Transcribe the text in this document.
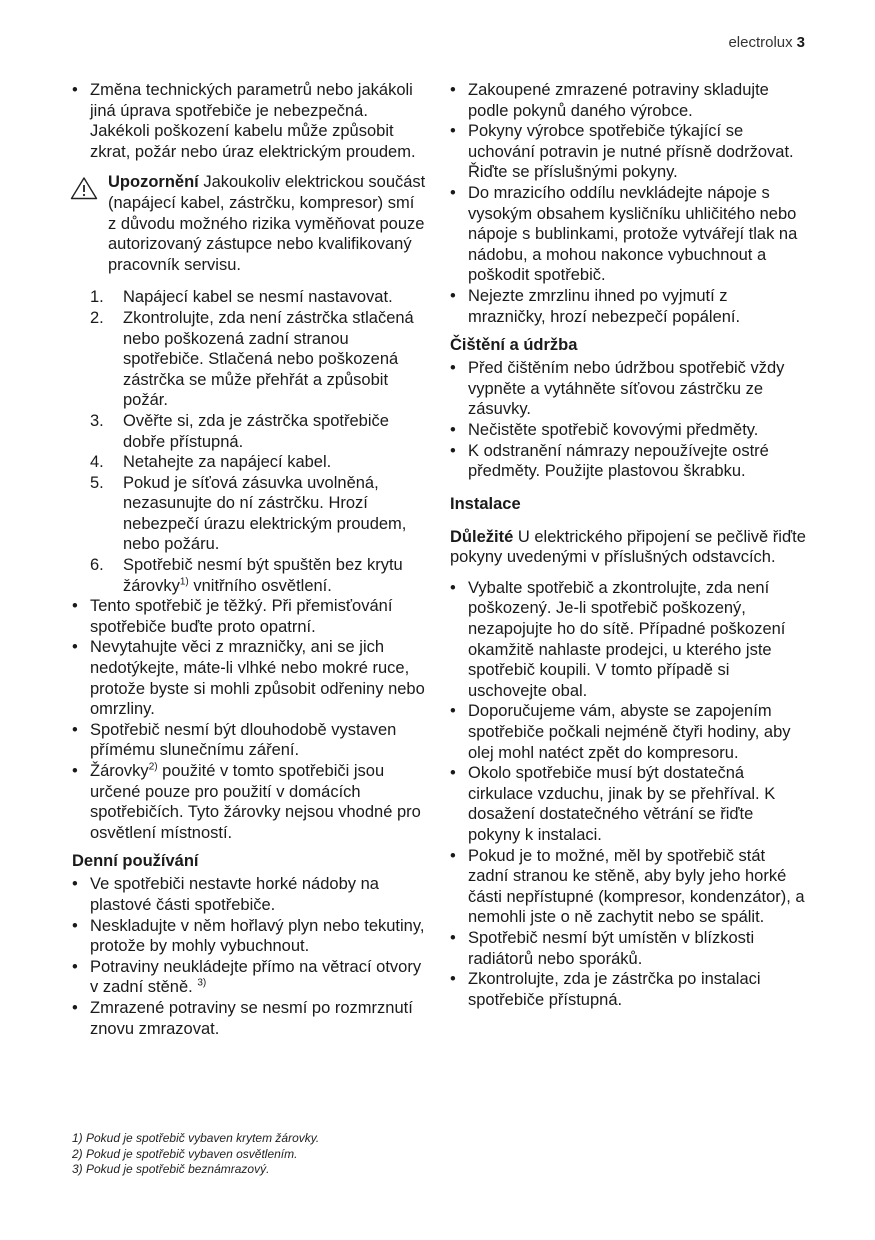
electrolux 3
• Změna technických parametrů nebo jakákoli jiná úprava spotřebiče je nebezpečná. Jakékoli poškození kabelu může způsobit zkrat, požár nebo úraz elektrickým proudem.
Upozornění Jakoukoliv elektrickou součást (napájecí kabel, zástrčku, kompresor) smí z důvodu možného rizika vyměňovat pouze autorizovaný zástupce nebo kvalifikovaný pracovník servisu.
1.	Napájecí kabel se nesmí nastavovat.
2.	Zkontrolujte, zda není zástrčka stlačená nebo poškozená zadní stranou spotřebiče. Stlačená nebo poškozená zástrčka se může přehřát a způsobit požár.
3.	Ověřte si, zda je zástrčka spotřebiče dobře přístupná.
4.	Netahejte za napájecí kabel.
5.	Pokud je síťová zásuvka uvolněná, nezasunujte do ní zástrčku. Hrozí nebezpečí úrazu elektrickým proudem, nebo požáru.
6.	Spotřebič nesmí být spuštěn bez krytu žárovky$^{1)}$ vnitřního osvětlení.
• Tento spotřebič je těžký. Při přemisťování spotřebiče buďte proto opatrní.
• Nevytahujte věci z mrazničky, ani se jich nedotýkejte, máte-li vlhké nebo mokré ruce, protože byste si mohli způsobit odřeniny nebo omrzliny.
• Spotřebič nesmí být dlouhodobě vystaven přímému slunečnímu záření.
• Žárovky$^{2)}$ použité v tomto spotřebiči jsou určené pouze pro použití v domácích spotřebičích. Tyto žárovky nejsou vhodné pro osvětlení místností.
Denní používání
• Ve spotřebiči nestavte horké nádoby na plastové části spotřebiče.
• Neskladujte v něm hořlavý plyn nebo tekutiny, protože by mohly vybuchnout.
• Potraviny neukládejte přímo na větrací otvory v zadní stěně. $^{3)}$
• Zmrazené potraviny se nesmí po rozmrznutí znovu zmrazovat.
• Zakoupené zmrazené potraviny skladujte podle pokynů daného výrobce.
• Pokyny výrobce spotřebiče týkající se uchování potravin je nutné přísně dodržovat. Řiďte se příslušnými pokyny.
• Do mrazicího oddílu nevkládejte nápoje s vysokým obsahem kysličníku uhličitého nebo nápoje s bublinkami, protože vytvářejí tlak na nádobu, a mohou nakonce vybuchnout a poškodit spotřebič.
• Nejezte zmrzlinu ihned po vyjmutí z mrazničky, hrozí nebezpečí popálení.
Čištění a údržba
• Před čištěním nebo údržbou spotřebič vždy vypněte a vytáhněte síťovou zástrčku ze zásuvky.
• Nečistěte spotřebič kovovými předměty.
• K odstranění námrazy nepoužívejte ostré předměty. Použijte plastovou škrabku.
Instalace

Důležité U elektrického připojení se pečlivě řiďte pokyny uvedenými v příslušných odstavcích.

• Vybalte spotřebič a zkontrolujte, zda není poškozený. Je-li spotřebič poškozený, nezapojujte ho do sítě. Případné poškození okamžitě nahlaste prodejci, u kterého jste spotřebič koupili. V tomto případě si uschovejte obal.
• Doporučujeme vám, abyste se zapojením spotřebiče počkali nejméně čtyři hodiny, aby olej mohl natéct zpět do kompresoru.
• Okolo spotřebiče musí být dostatečná cirkulace vzduchu, jinak by se přehříval. K dosažení dostatečného větrání se řiďte pokyny k instalaci.
• Pokud je to možné, měl by spotřebič stát zadní stranou ke stěně, aby byly jeho horké části nepřístupné (kompresor, kondenzátor), a nemohli jste o ně zachytit nebo se spálit.
• Spotřebič nesmí být umístěn v blízkosti radiátorů nebo sporáků.
• Zkontrolujte, zda je zástrčka po instalaci spotřebiče přístupná.
1) Pokud je spotřebič vybaven krytem žárovky.
2) Pokud je spotřebič vybaven osvětlením.
3) Pokud je spotřebič beznámrazový.
